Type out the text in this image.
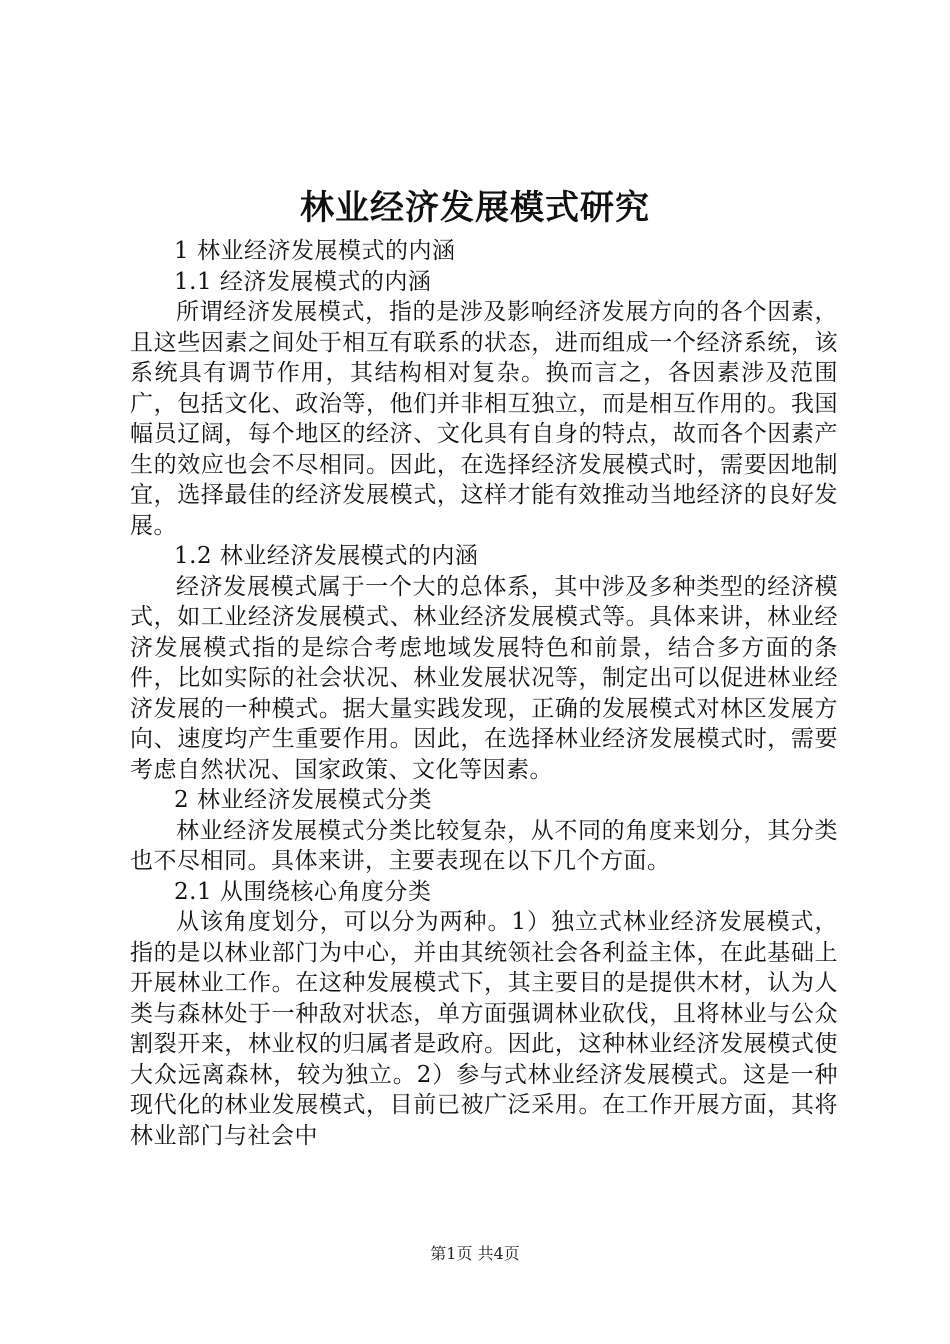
林业经济发展模式研究

1 林业经济发展模式的内涵

1.1 经济发展模式的内涵

所谓经济发展模式，指的是涉及影响经济发展方向的各个因素，且这些因素之间处于相互有联系的状态，进而组成一个经济系统，该系统具有调节作用，其结构相对复杂。换而言之，各因素涉及范围广，包括文化、政治等，他们并非相互独立，而是相互作用的。我国幅员辽阔，每个地区的经济、文化具有自身的特点，故而各个因素产生的效应也会不尽相同。因此，在选择经济发展模式时，需要因地制宜，选择最佳的经济发展模式，这样才能有效推动当地经济的良好发展。

1.2 林业经济发展模式的内涵

经济发展模式属于一个大的总体系，其中涉及多种类型的经济模式，如工业经济发展模式、林业经济发展模式等。具体来讲，林业经济发展模式指的是综合考虑地域发展特色和前景，结合多方面的条件，比如实际的社会状况、林业发展状况等，制定出可以促进林业经济发展的一种模式。据大量实践发现，正确的发展模式对林区发展方向、速度均产生重要作用。因此，在选择林业经济发展模式时，需要考虑自然状况、国家政策、文化等因素。

2 林业经济发展模式分类

林业经济发展模式分类比较复杂，从不同的角度来划分，其分类也不尽相同。具体来讲，主要表现在以下几个方面。

2.1 从围绕核心角度分类

从该角度划分，可以分为两种。1）独立式林业经济发展模式，指的是以林业部门为中心，并由其统领社会各利益主体，在此基础上开展林业工作。在这种发展模式下，其主要目的是提供木材，认为人类与森林处于一种敌对状态，单方面强调林业砍伐，且将林业与公众割裂开来，林业权的归属者是政府。因此，这种林业经济发展模式使大众远离森林，较为独立。2）参与式林业经济发展模式。这是一种现代化的林业发展模式，目前已被广泛采用。在工作开展方面，其将林业部门与社会中

第1页 共4页
